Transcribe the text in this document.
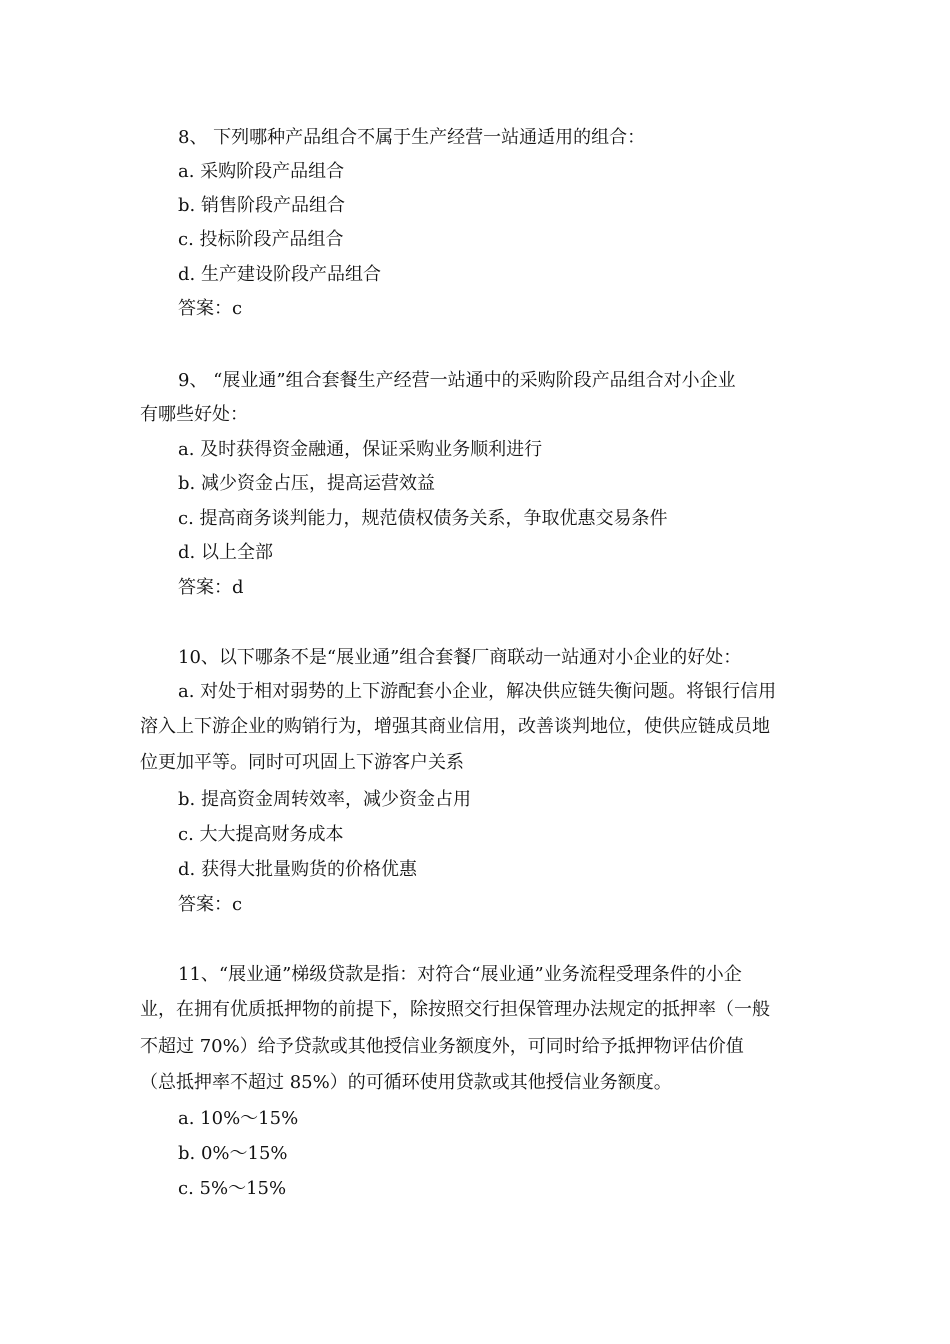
8、 下列哪种产品组合不属于生产经营一站通适用的组合：
a. 采购阶段产品组合
b. 销售阶段产品组合
c. 投标阶段产品组合
d. 生产建设阶段产品组合
答案：c
9、 “展业通”组合套餐生产经营一站通中的采购阶段产品组合对小企业
有哪些好处：
a. 及时获得资金融通，保证采购业务顺利进行
b. 减少资金占压，提高运营效益
c. 提高商务谈判能力，规范债权债务关系，争取优惠交易条件
d. 以上全部
答案：d
10、以下哪条不是“展业通”组合套餐厂商联动一站通对小企业的好处：
a. 对处于相对弱势的上下游配套小企业，解决供应链失衡问题。将银行信用
溶入上下游企业的购销行为，增强其商业信用，改善谈判地位，使供应链成员地
位更加平等。同时可巩固上下游客户关系
b. 提高资金周转效率，减少资金占用
c. 大大提高财务成本
d. 获得大批量购货的价格优惠
答案：c
11、“展业通”梯级贷款是指：对符合“展业通”业务流程受理条件的小企
业，在拥有优质抵押物的前提下，除按照交行担保管理办法规定的抵押率（一般
不超过 70%）给予贷款或其他授信业务额度外，可同时给予抵押物评估价值
（总抵押率不超过 85%）的可循环使用贷款或其他授信业务额度。
a. 10%～15%
b. 0%～15%
c. 5%～15%
